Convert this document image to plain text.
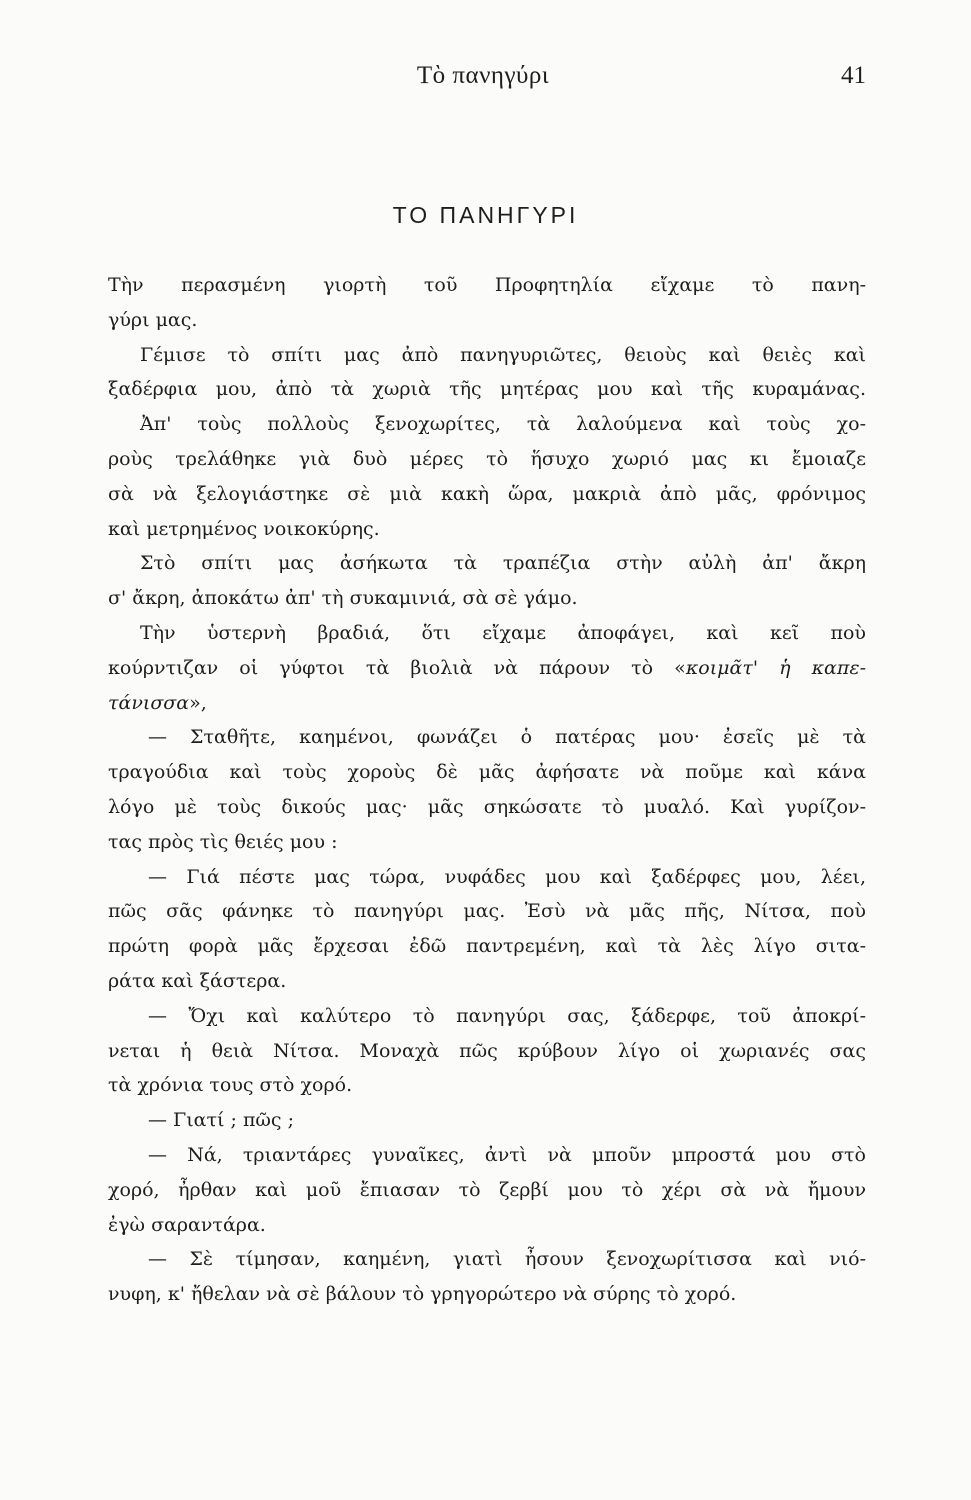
Τὸ πανηγύρι	41
ΤΟ ΠΑΝΗΓΥΡΙ
Τὴν περασμένη γιορτὴ τοῦ Προφητηλία εἴχαμε τὸ πανη-
γύρι μας.
Γέμισε τὸ σπίτι μας ἀπὸ πανηγυριῶτες, θειοὺς καὶ θειὲς καὶ
ξαδέρφια μου, ἀπὸ τὰ χωριὰ τῆς μητέρας μου καὶ τῆς κυραμάνας.
Ἀπ' τοὺς πολλοὺς ξενοχωρίτες, τὰ λαλούμενα καὶ τοὺς χο-
ροὺς τρελάθηκε γιὰ δυὸ μέρες τὸ ἥσυχο χωριό μας κι ἔμοιαζε
σὰ νὰ ξελογιάστηκε σὲ μιὰ κακὴ ὥρα, μακριὰ ἀπὸ μᾶς, φρόνιμος
καὶ μετρημένος νοικοκύρης.
Στὸ σπίτι μας ἀσήκωτα τὰ τραπέζια στὴν αὐλὴ ἀπ' ἄκρη
σ' ἄκρη, ἀποκάτω ἀπ' τὴ συκαμινιά, σὰ σὲ γάμο.
Τὴν ὑστερνὴ βραδιά, ὅτι εἴχαμε ἀποφάγει, καὶ κεῖ ποὺ
κούρντιζαν οἱ γύφτοι τὰ βιολιὰ νὰ πάρουν τὸ «κοιμᾶτ' ἡ καπε-
τάνισσα»,
— Σταθῆτε, καημένοι, φωνάζει ὁ πατέρας μου· ἐσεῖς μὲ τὰ
τραγούδια καὶ τοὺς χοροὺς δὲ μᾶς ἀφήσατε νὰ ποῦμε καὶ κάνα
λόγο μὲ τοὺς δικούς μας· μᾶς σηκώσατε τὸ μυαλό. Καὶ γυρίζον-
τας πρὸς τὶς θειές μου :
— Γιά πέστε μας τώρα, νυφάδες μου καὶ ξαδέρφες μου, λέει,
πῶς σᾶς φάνηκε τὸ πανηγύρι μας. Ἐσὺ νὰ μᾶς πῆς, Νίτσα, ποὺ
πρώτη φορὰ μᾶς ἔρχεσαι ἐδῶ παντρεμένη, καὶ τὰ λὲς λίγο σιτα-
ράτα καὶ ξάστερα.
— Ὄχι καὶ καλύτερο τὸ πανηγύρι σας, ξάδερφε, τοῦ ἀποκρί-
νεται ἡ θειὰ Νίτσα. Μοναχὰ πῶς κρύβουν λίγο οἱ χωριανές σας
τὰ χρόνια τους στὸ χορό.
— Γιατί ; πῶς ;
— Νά, τριαντάρες γυναῖκες, ἀντὶ νὰ μποῦν μπροστά μου στὸ
χορό, ἦρθαν καὶ μοῦ ἔπιασαν τὸ ζερβί μου τὸ χέρι σὰ νὰ ἤμουν
ἐγὼ σαραντάρα.
— Σὲ τίμησαν, καημένη, γιατὶ ἦσουν ξενοχωρίτισσα καὶ νιό-
νυφη, κ' ἤθελαν νὰ σὲ βάλουν τὸ γρηγορώτερο νὰ σύρης τὸ χορό.
